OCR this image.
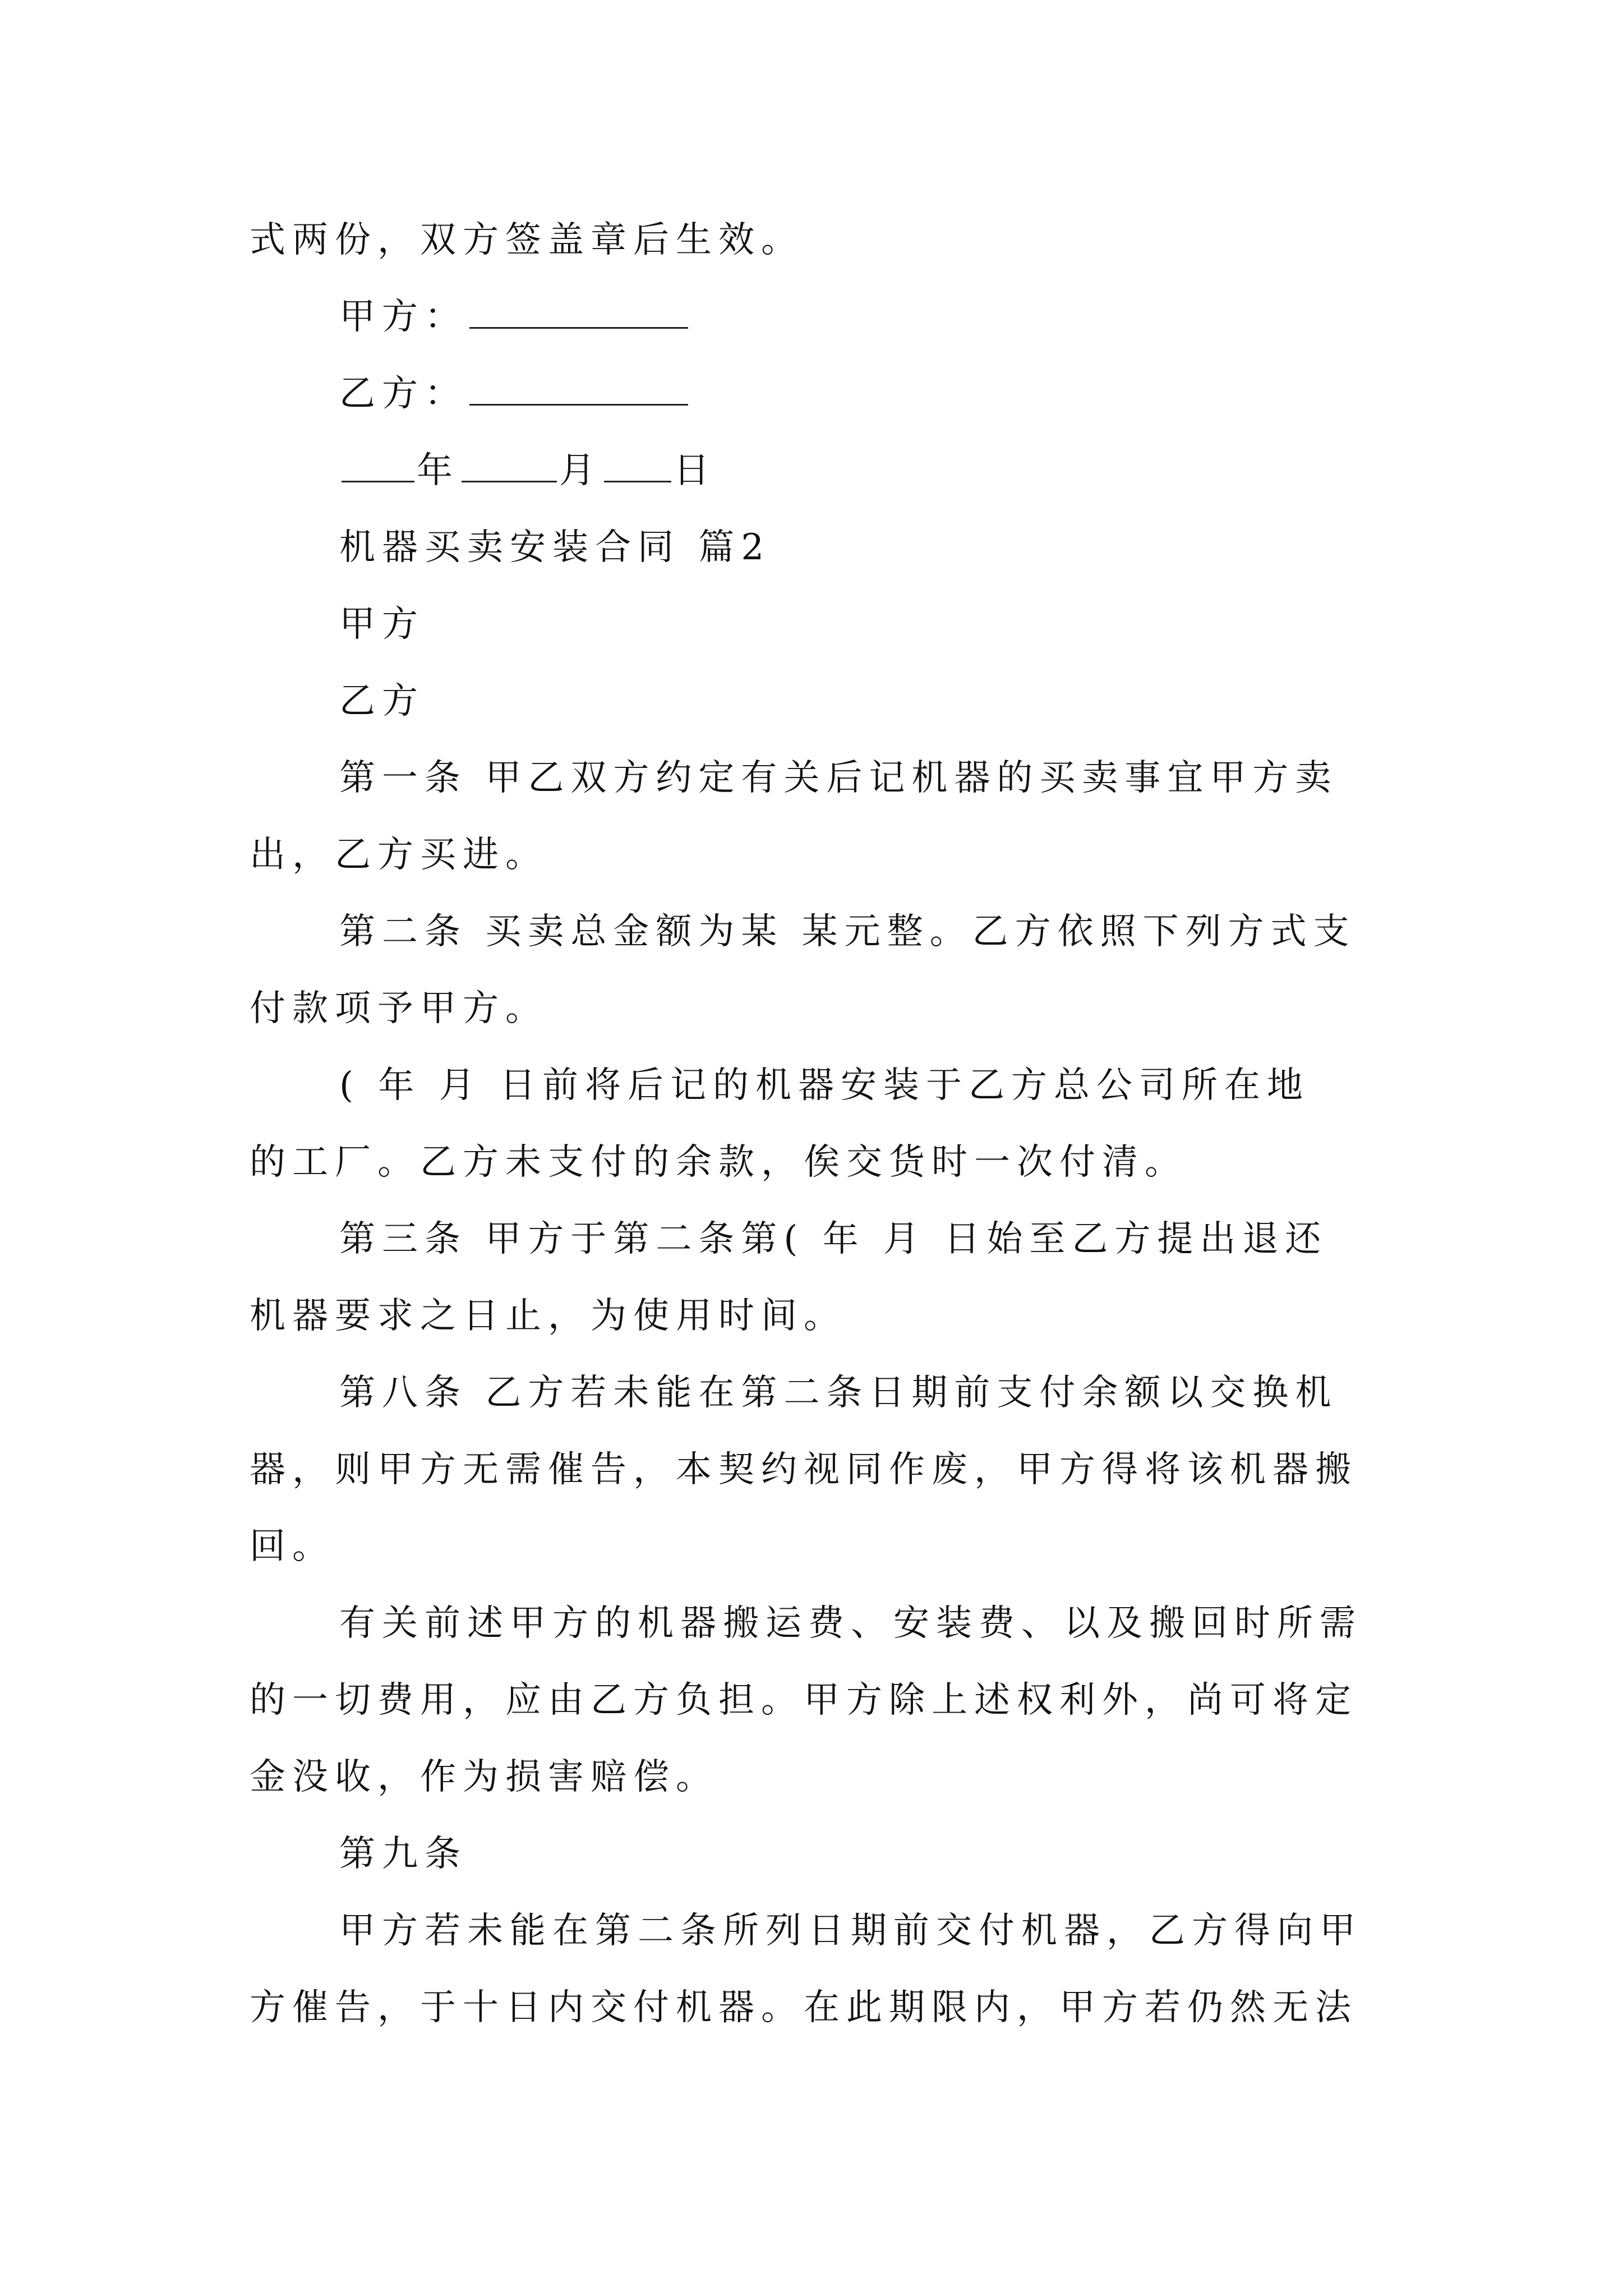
式两份，双方签盖章后生效。

甲方：

乙方：

年	月 日

机器买卖安装合同 篇2

甲方

乙方

第一条 甲乙双方约定有关后记机器的买卖事宜甲方卖

出，乙方买进。

第二条 买卖总金额为某 某元整。乙方依照下列方式支

付款项予甲方。

( 年 月 日前将后记的机器安装于乙方总公司所在地

的工厂。乙方未支付的余款，俟交货时一次付清。

第三条 甲方于第二条第( 年 月 日始至乙方提出退还

机器要求之日止，为使用时间。

第八条 乙方若未能在第二条日期前支付余额以交换机

器，则甲方无需催告，本契约视同作废，甲方得将该机器搬

回。

有关前述甲方的机器搬运费、安装费、以及搬回时所需

的一切费用，应由乙方负担。甲方除上述权利外，尚可将定

金没收，作为损害赔偿。

第九条

甲方若未能在第二条所列日期前交付机器，乙方得向甲

方催告，于十日内交付机器。在此期限内，甲方若仍然无法
